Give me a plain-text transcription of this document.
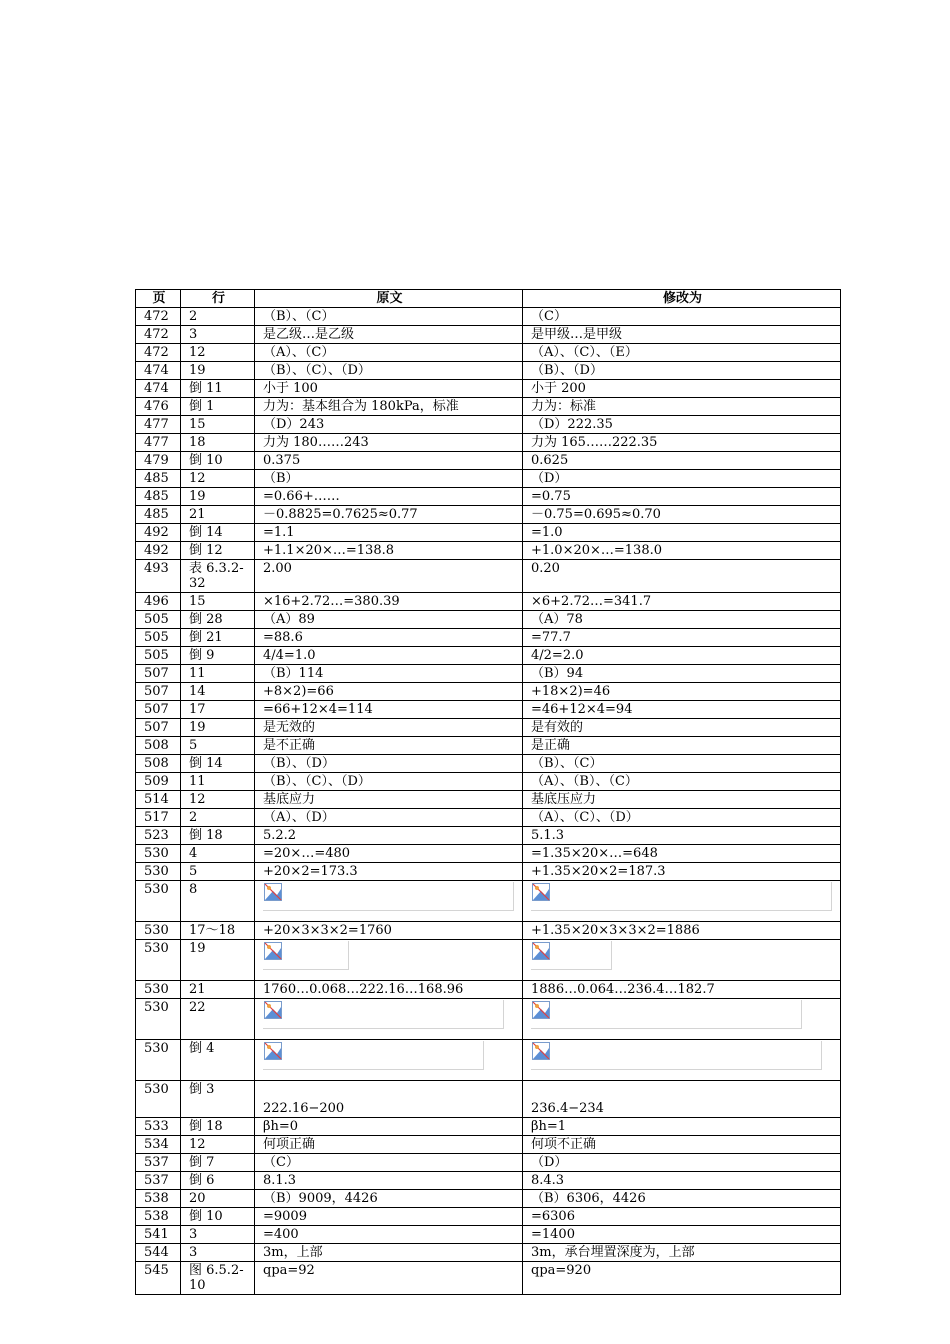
页	行	原文	修改为
472	2	（B）、（C）	（C）
472	3	是乙级…是乙级	是甲级…是甲级
472	12	（A）、（C）	（A）、（C）、（E）
474	19	（B）、（C）、（D）	（B）、（D）
474	倒 11	小于 100	小于 200
476	倒 1	力为：基本组合为 180kPa，标准	力为：标准
477	15	（D）243	（D）222.35
477	18	力为 180……243	力为 165……222.35
479	倒 10	0.375	0.625
485	12	（B）	（D）
485	19	=0.66+……	=0.75
485	21	－0.8825=0.7625≈0.77	－0.75=0.695≈0.70
492	倒 14	=1.1	=1.0
492	倒 12	+1.1×20×…=138.8	+1.0×20×…=138.0
493	表 6.3.2-32	2.00	0.20
496	15	×16+2.72…=380.39	×6+2.72…=341.7
505	倒 28	（A）89	（A）78
505	倒 21	=88.6	=77.7
505	倒 9	4/4=1.0	4/2=2.0
507	11	（B）114	（B）94
507	14	+8×2)=66	+18×2)=46
507	17	=66+12×4=114	=46+12×4=94
507	19	是无效的	是有效的
508	5	是不正确	是正确
508	倒 14	（B）、（D）	（B）、（C）
509	11	（B）、（C）、（D）	（A）、（B）、（C）
514	12	基底应力	基底压应力
517	2	（A）、（D）	（A）、（C）、（D）
523	倒 18	5.2.2	5.1.3
530	4	=20×…=480	=1.35×20×…=648
530	5	+20×2=173.3	+1.35×20×2=187.3
530	8	

530	17～18	+20×3×3×2=1760	+1.35×20×3×3×2=1886
530	19	

530	21	1760…0.068…222.16…168.96	1886…0.064…236.4…182.7
530	22	

530	倒 4	

530	倒 3	222.16−200	236.4−234
533	倒 18	βh=0	βh=1
534	12	何项正确	何项不正确
537	倒 7	（C）	（D）
537	倒 6	8.1.3	8.4.3
538	20	（B）9009，4426	（B）6306，4426
538	倒 10	=9009	=6306
541	3	=400	=1400
544	3	3m，上部	3m，承台埋置深度为，上部
545	图 6.5.2-10	qpa=92	qpa=920
